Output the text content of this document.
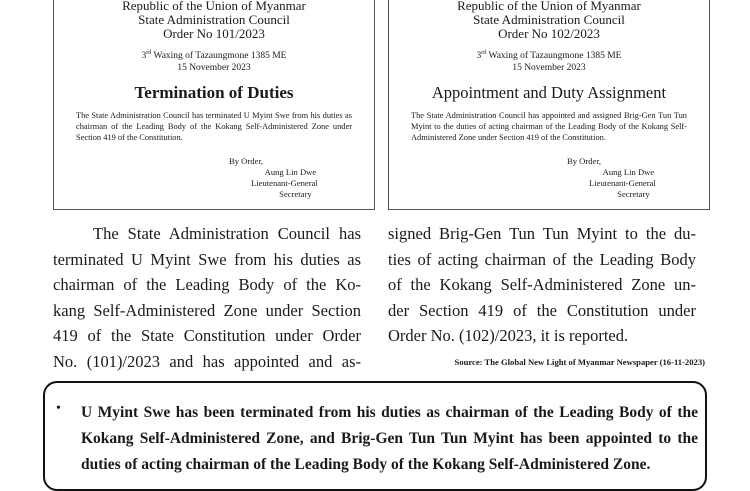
Republic of the Union of Myanmar
State Administration Council
Order No 101/2023
3rd Waxing of Tazaungmone 1385 ME
15 November 2023
Termination of Duties
The State Administration Council has terminated U Myint Swe from his duties as chairman of the Leading Body of the Kokang Self-Administered Zone under Section 419 of the Constitution.
By Order,
Aung Lin Dwe
Lieutenant-General
Secretary
Republic of the Union of Myanmar
State Administration Council
Order No 102/2023
3rd Waxing of Tazaungmone 1385 ME
15 November 2023
Appointment and Duty Assignment
The State Administration Council has appointed and assigned Brig-Gen Tun Tun Myint to the duties of acting chairman of the Leading Body of the Kokang Self-Administered Zone under Section 419 of the Constitution.
By Order,
Aung Lin Dwe
Lieutenant-General
Secretary
The State Administration Council has
terminated U Myint Swe from his duties as
chairman of the Leading Body of the Ko-
kang Self-Administered Zone under Section
419 of the State Constitution under Order
No. (101)/2023 and has appointed and as-
signed Brig-Gen Tun Tun Myint to the du-
ties of acting chairman of the Leading Body
of the Kokang Self-Administered Zone un-
der Section 419 of the Constitution under
Order No. (102)/2023, it is reported.
Source: The Global New Light of Myanmar Newspaper (16-11-2023)
• U Myint Swe has been terminated from his duties as chairman of the Leading Body of the Kokang Self-Administered Zone, and Brig-Gen Tun Tun Myint has been appointed to the duties of acting chairman of the Leading Body of the Kokang Self-Administered Zone.
